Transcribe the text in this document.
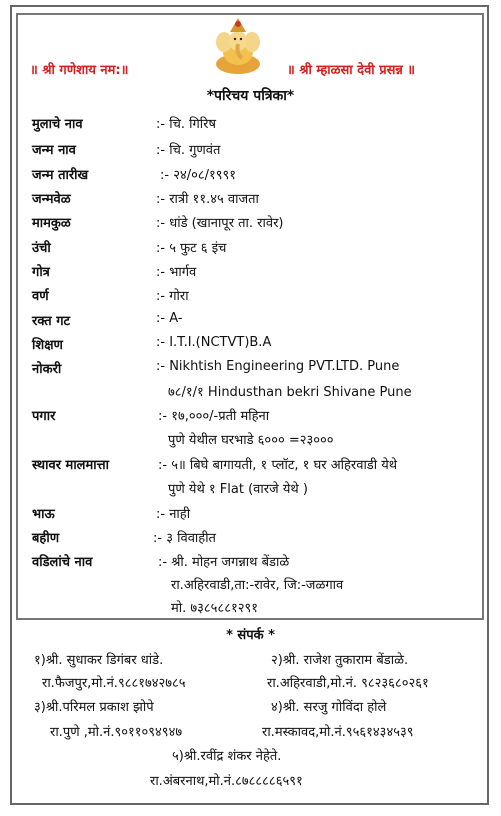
॥ श्री गणेशाय नम:॥	॥ श्री म्हाळसा देवी प्रसन्न ॥
*परिचय पत्रिका*
मुलाचे नाव	:- चि. गिरिष
जन्म नाव	:- चि. गुणवंत
जन्म तारीख	:- २४/०८/१९९१
जन्मवेळ	:- रात्री ११.४५ वाजता
मामकुळ	:- धांडे (खानापूर ता. रावेर)
उंची	:- ५ फुट ६ इंच
गोत्र	:- भार्गव
वर्ण	:- गोरा
रक्त गट	:- A-
शिक्षण	:- I.T.I.(NCTVT)B.A
नोकरी	:- Nikhtish Engineering PVT.LTD. Pune
७८/१/१ Hindusthan bekri Shivane Pune
पगार	:- १७,०००/-प्रती महिना
पुणे येथील घरभाडे ६००० =२३०००
स्थावर मालमात्ता	:- ५॥ बिघे बागायती, १ प्लॉट, १ घर अहिरवाडी येथे
पुणे येथे १ Flat (वारजे येथे )
भाऊ	:- नाही
बहीण	:- ३ विवाहीत
वडिलांचे नाव	:- श्री. मोहन जगन्नाथ बेंडाळे
रा.अहिरवाडी,ता:-रावेर, जि:-जळगाव
मो. ७३८५८८१२९१
* संपर्क *
१)श्री. सुधाकर डिगंबर धांडे.	२)श्री. राजेश तुकाराम बेंडाळे.
रा.फैजपुर,मो.नं.९८८१७४२७८५	रा.अहिरवाडी,मो.नं. ९८२३६८०२६१
३)श्री.परिमल प्रकाश झोपे	४)श्री. सरजु गोविंदा होले
रा.पुणे ,मो.नं.९०११०९४९४७	रा.मस्कावद,मो.नं.९५६१४३४५३९
५)श्री.रवींद्र शंकर नेहेते.
रा.अंबरनाथ,मो.नं.८७८८८८६५९१
